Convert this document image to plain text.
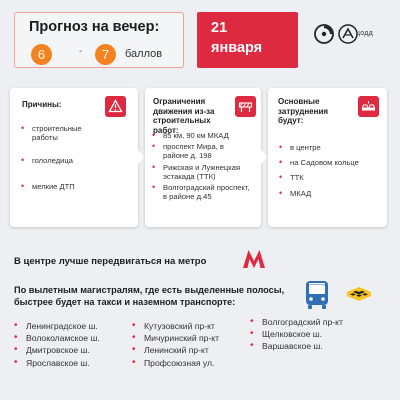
Прогноз на вечер:
6	-	7	баллов
21
января
цодд
Причины:
• строительные работы
• гололедица
• мелкие ДТП
Ограничения движения из-за строительных работ:
• 85 км, 90 км МКАД
• проспект Мира, в районе д. 198
• Рижская и Лужнецкая эстакада (ТТК)
• Волгоградский проспект, в районе д.45
Основные затруднения будут:
• в центре
• на Садовом кольце
• ТТК
• МКАД
В центре лучше передвигаться на метро
По вылетным магистралям, где есть выделенные полосы, быстрее будет на такси и наземном транспорте:
• Ленинградское ш.
• Волоколамское ш.
• Дмитровское ш.
• Ярославское ш.
• Кутузовский пр-кт
• Мичуринский пр-кт
• Ленинский пр-кт
• Профсоюзная ул.
• Волгоградский пр-кт
• Щелковское ш.
• Варшавское ш.
